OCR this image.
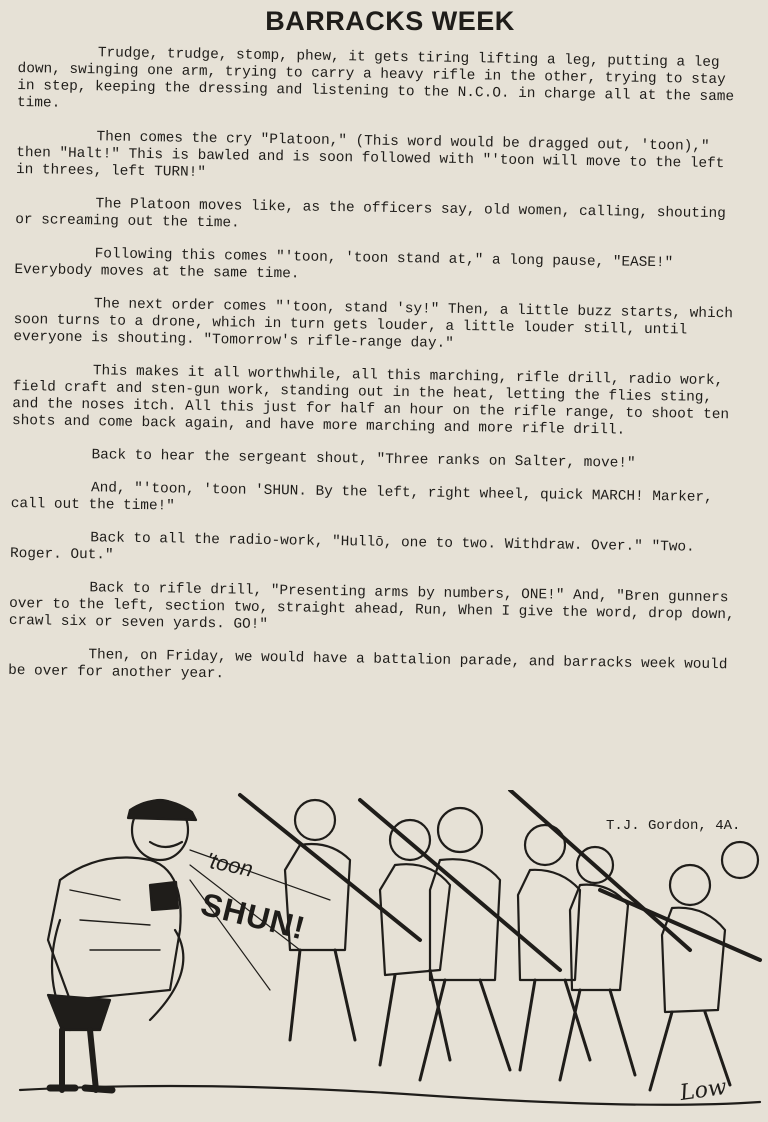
BARRACKS WEEK

Trudge, trudge, stomp, phew, it gets tiring lifting a leg, putting a leg down, swinging one arm, trying to carry a heavy rifle in the other, trying to stay in step, keeping the dressing and listening to the N.C.O. in charge all at the same time.

Then comes the cry "Platoon," (This word would be dragged out, 'toon)," then "Halt!" This is bawled and is soon followed with "'toon will move to the left in threes, left TURN!"

The Platoon moves like, as the officers say, old women, calling, shouting or screaming out the time.

Following this comes "'toon, 'toon stand at," a long pause, "EASE!" Everybody moves at the same time.

The next order comes "'toon, stand 'sy!" Then, a little buzz starts, which soon turns to a drone, which in turn gets louder, a little louder still, until everyone is shouting. "Tomorrow's rifle-range day."

This makes it all worthwhile, all this marching, rifle drill, radio work, field craft and sten-gun work, standing out in the heat, letting the flies sting, and the noses itch. All this just for half an hour on the rifle range, to shoot ten shots and come back again, and have more marching and more rifle drill.

Back to hear the sergeant shout, "Three ranks on Salter, move!"

And, "'toon, 'toon 'SHUN. By the left, right wheel, quick MARCH! Marker, call out the time!"

Back to all the radio-work, "Hullō, one to two. Withdraw. Over." "Two. Roger. Out."

Back to rifle drill, "Presenting arms by numbers, ONE!" And, "Bren gunners over to the left, section two, straight ahead, Run, When I give the word, drop down, crawl six or seven yards. GO!"

Then, on Friday, we would have a battalion parade, and barracks week would be over for another year.

T.J. Gordon, 4A.
'toon
SHUN!
Low
